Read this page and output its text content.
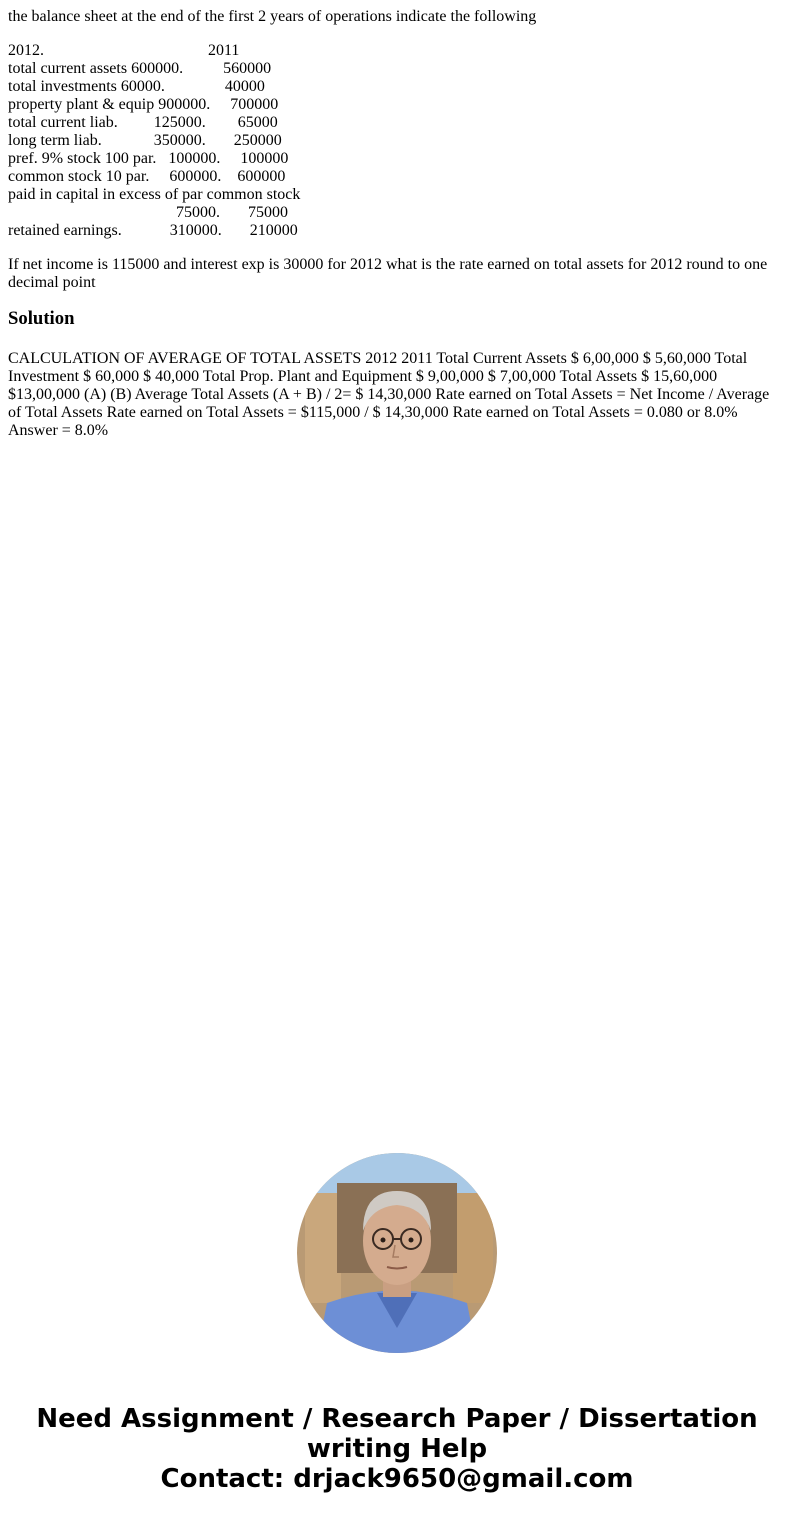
the balance sheet at the end of the first 2 years of operations indicate the following

2012.                                         2011
total current assets 600000.          560000
total investments 60000.               40000
property plant & equip 900000.     700000
total current liab.         125000.        65000
long term liab.             350000.       250000
pref. 9% stock 100 par.   100000.     100000
common stock 10 par.     600000.    600000
paid in capital in excess of par common stock
75000.       75000
retained earnings.            310000.       210000

If net income is 115000 and interest exp is 30000 for 2012 what is the rate earned on total assets for 2012 round to one decimal point

Solution

CALCULATION OF AVERAGE OF TOTAL ASSETS 2012 2011 Total Current Assets $ 6,00,000 $ 5,60,000 Total Investment $ 60,000 $ 40,000 Total Prop. Plant and Equipment $ 9,00,000 $ 7,00,000 Total Assets $ 15,60,000 $13,00,000 (A) (B) Average Total Assets (A + B) / 2= $ 14,30,000 Rate earned on Total Assets = Net Income / Average of Total Assets Rate earned on Total Assets = $115,000 / $ 14,30,000 Rate earned on Total Assets = 0.080 or 8.0% Answer = 8.0%

Need Assignment / Research Paper / Dissertation
writing Help
Contact: drjack9650@gmail.com
